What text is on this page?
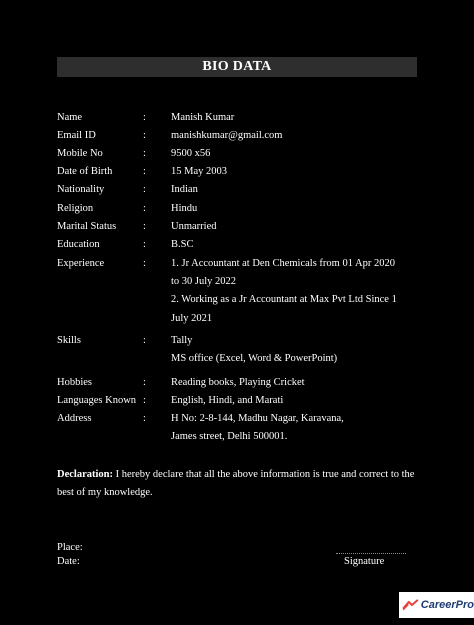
BIO DATA
Name	: Manish Kumar
Email ID	: manishkumar@gmail.com
Mobile No	: 9500 x56
Date of Birth	: 15 May 2003
Nationality	: Indian
Religion	: Hindu
Marital Status	: Unmarried
Education	: B.SC
Experience	: 1. Jr Accountant at Den Chemicals from 01 Apr 2020
to 30 July 2022
2. Working as a Jr Accountant at Max Pvt Ltd Since 1
July 2021
Skills	: Tally
MS office (Excel, Word & PowerPoint)
Hobbies	: Reading books, Playing Cricket
Languages Known : English, Hindi, and Marati
Address	: H No: 2-8-144, Madhu Nagar, Karavana,
James street, Delhi 500001.
Declaration: I hereby declare that all the above information is true and correct to the best of my knowledge.
Place:
Date:	Signature
CareerPro
